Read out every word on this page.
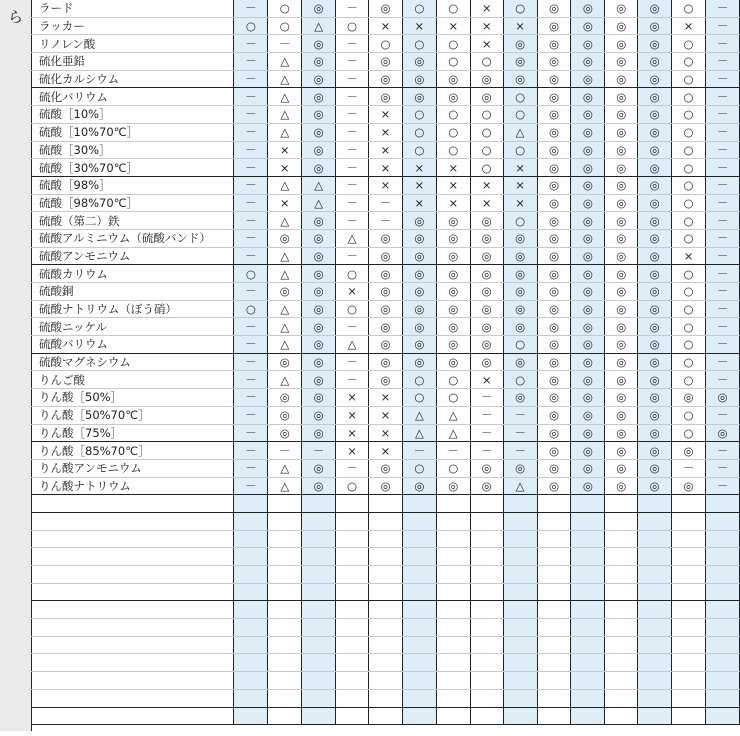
ら	ラード	－	○	◎	－	◎	○	○	×	○	◎	◎	◎	◎	○	－
ラッカー	○	○	△	○	×	×	×	×	×	◎	◎	◎	◎	×	－
リノレン酸	－	－	◎	－	○	○	○	×	◎	◎	◎	◎	◎	○	－
硫化亜鉛	－	△	◎	－	◎	◎	○	○	◎	◎	◎	◎	◎	○	－
硫化カルシウム	－	△	◎	－	◎	◎	◎	◎	◎	◎	◎	◎	◎	○	－
硫化バリウム	－	△	◎	－	◎	◎	◎	◎	○	◎	◎	◎	◎	○	－
硫酸［10%］	－	△	◎	－	×	○	○	○	○	◎	◎	◎	◎	○	－
硫酸［10%70℃］	－	△	◎	－	×	○	○	○	△	◎	◎	◎	◎	○	－
硫酸［30%］	－	×	◎	－	×	○	○	○	○	◎	◎	◎	◎	○	－
硫酸［30%70℃］	－	×	◎	－	×	×	×	○	×	◎	◎	◎	◎	○	－
硫酸［98%］	－	△	△	－	×	×	×	×	×	◎	◎	◎	◎	○	－
硫酸［98%70℃］	－	×	△	－	－	×	×	×	×	◎	◎	◎	◎	○	－
硫酸（第二）鉄	－	△	◎	－	－	◎	◎	◎	○	◎	◎	◎	◎	○	－
硫酸アルミニウム（硫酸バンド）	－	◎	◎	△	◎	◎	◎	◎	◎	◎	◎	◎	◎	○	－
硫酸アンモニウム	－	△	◎	－	◎	◎	◎	◎	◎	◎	◎	◎	◎	×	－
硫酸カリウム	○	△	◎	○	◎	◎	◎	◎	◎	◎	◎	◎	◎	○	－
硫酸銅	－	◎	◎	×	◎	◎	◎	◎	◎	◎	◎	◎	◎	○	－
硫酸ナトリウム（ぼう硝）	○	△	◎	○	◎	◎	◎	◎	◎	◎	◎	◎	◎	○	－
硫酸ニッケル	－	△	◎	－	◎	◎	◎	◎	◎	◎	◎	◎	◎	○	－
硫酸バリウム	－	△	◎	△	◎	◎	◎	◎	○	◎	◎	◎	◎	○	－
硫酸マグネシウム	－	◎	◎	－	◎	◎	◎	◎	◎	◎	◎	◎	◎	○	－
りんご酸	－	△	◎	－	◎	○	○	×	○	◎	◎	◎	◎	○	－
りん酸［50%］	－	◎	◎	×	×	○	○	－	◎	◎	◎	◎	◎	◎	◎
りん酸［50%70℃］	－	◎	◎	×	×	△	△	－	－	◎	◎	◎	◎	○	－
りん酸［75%］	－	◎	◎	×	×	△	△	－	－	◎	◎	◎	◎	○	◎
りん酸［85%70℃］	－	－	－	×	×	－	－	－	－	◎	◎	◎	◎	◎	－
りん酸アンモニウム	－	△	◎	－	◎	○	○	◎	◎	◎	◎	◎	◎	－	－
りん酸ナトリウム	－	△	◎	○	◎	◎	◎	◎	△	◎	◎	◎	◎	◎	－
